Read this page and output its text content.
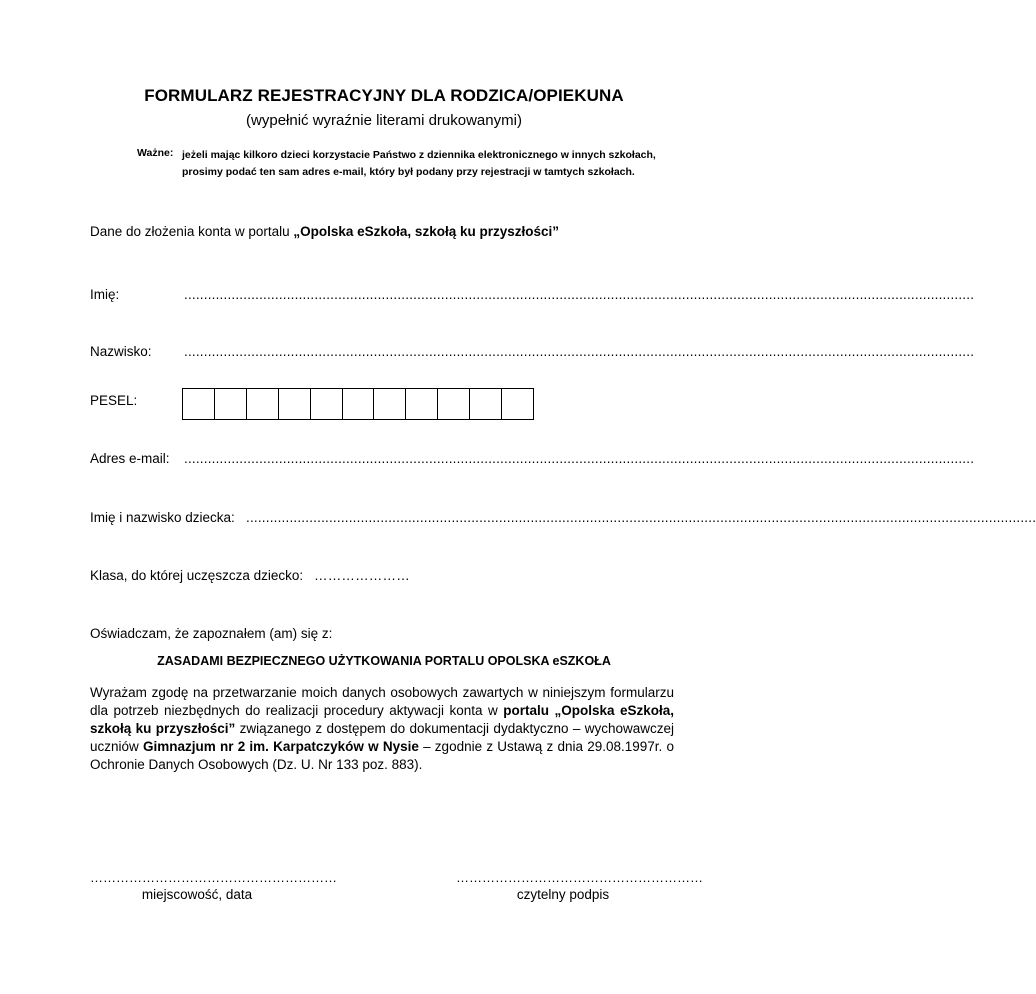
FORMULARZ REJESTRACYJNY DLA RODZICA/OPIEKUNA
(wypełnić wyraźnie literami drukowanymi)
Ważne: jeżeli mając kilkoro dzieci korzystacie Państwo z dziennika elektronicznego w innych szkołach,
prosimy podać ten sam adres e-mail, który był podany przy rejestracji w tamtych szkołach.
Dane do złożenia konta w portalu „Opolska eSzkoła, szkołą ku przyszłości”
Imię:	........................................................................................................................................................................................................
Nazwisko: ........................................................................................................................................................................................................
PESEL:
Adres e-mail: ........................................................................................................................................................................................................
Imię i nazwisko dziecka: ........................................................................................................................................................................................................
Klasa, do której uczęszcza dziecko: …………………
Oświadczam, że zapoznałem (am) się z:
ZASADAMI BEZPIECZNEGO UŻYTKOWANIA PORTALU OPOLSKA eSZKOŁA
Wyrażam zgodę na przetwarzanie moich danych osobowych zawartych w niniejszym formularzu dla potrzeb niezbędnych do realizacji procedury aktywacji konta w portalu „Opolska eSzkoła, szkołą ku przyszłości” związanego z dostępem do dokumentacji dydaktyczno – wychowawczej uczniów Gimnazjum nr 2 im. Karpatczyków w Nysie – zgodnie z Ustawą z dnia 29.08.1997r. o Ochronie Danych Osobowych (Dz. U. Nr 133 poz. 883).
…………………………………………………
miejscowość, data
…………………………………………………
czytelny podpis
